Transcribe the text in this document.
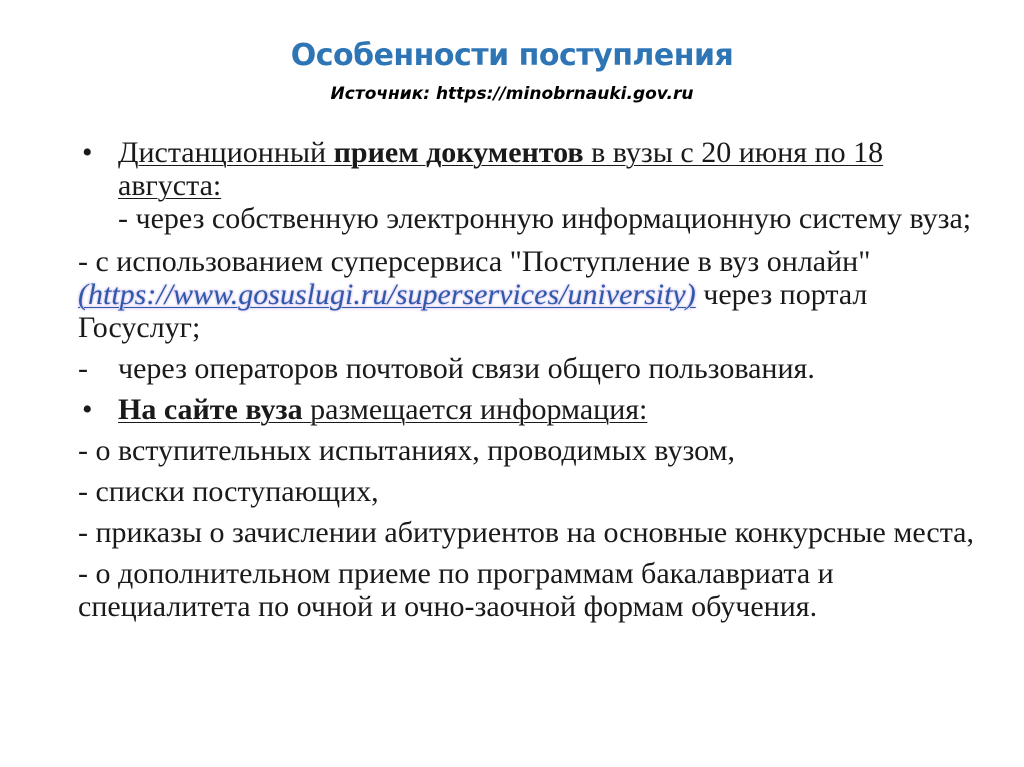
Особенности поступления

Источник: https://minobrnauki.gov.ru

• Дистанционный прием документов в вузы с 20 июня по 18 августа:
- через собственную электронную информационную систему вуза;

- с использованием суперсервиса "Поступление в вуз онлайн" (https://www.gosuslugi.ru/superservices/university) через портал Госуслуг;

- через операторов почтовой связи общего пользования.

• На сайте вуза размещается информация:

- о вступительных испытаниях, проводимых вузом,

- списки поступающих,

- приказы о зачислении абитуриентов на основные конкурсные места,

- о дополнительном приеме по программам бакалавриата и специалитета по очной и очно-заочной формам обучения.
